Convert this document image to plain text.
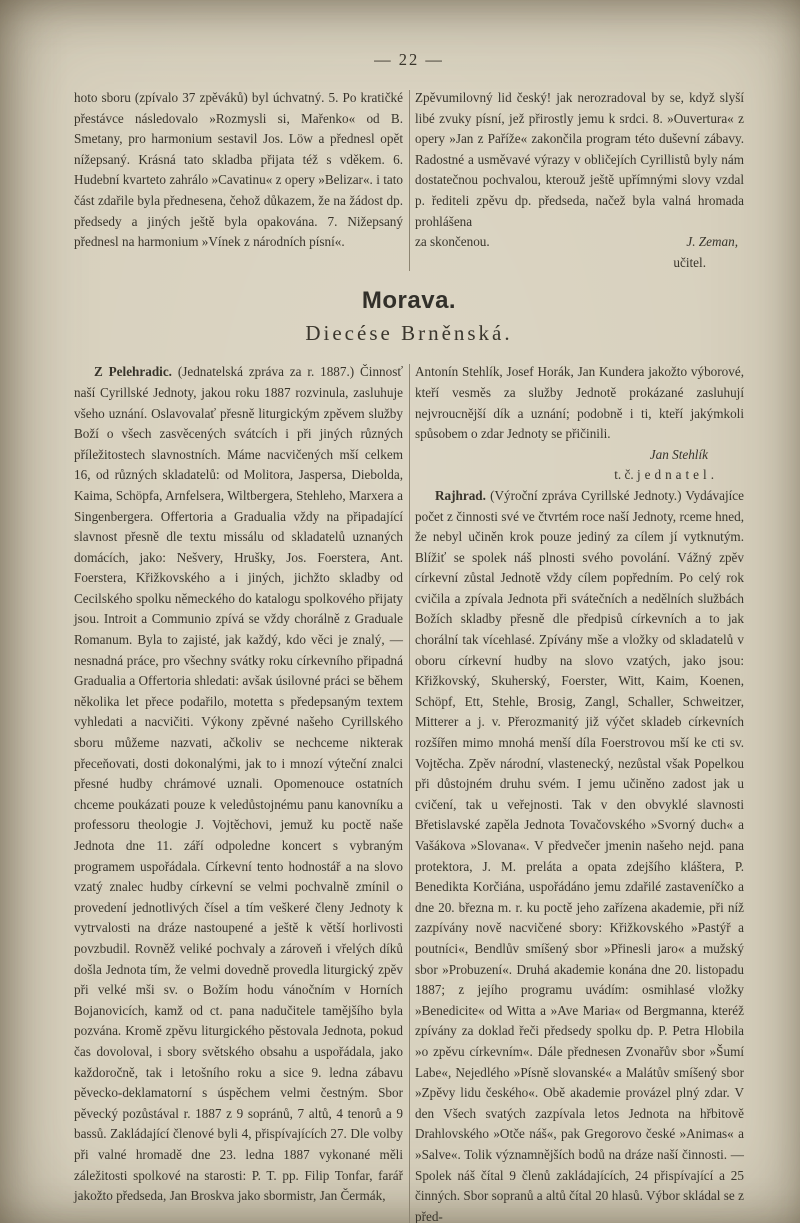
— 22 —

hoto sboru (zpívalo 37 zpěváků) byl úchvatný. 5. Po kratičké přestávce následovalo »Rozmysli si, Mařenko« od B. Smetany, pro harmonium sestavil Jos. Löw a přednesl opět nížepsaný. Krásná tato skladba přijata též s vděkem. 6. Hudební kvarteto zahrálo »Cavatinu« z opery »Belizar«. i tato část zdařile byla přednesena, čehož důkazem, že na žádost dp. předsedy a jiných ještě byla opakována. 7. Nižepsaný přednesl na harmonium »Vínek z národních písní«.

Zpěvumilovný lid český! jak nerozradoval by se, když slyší libé zvuky písní, jež přirostly jemu k srdci. 8. »Ouvertura« z opery »Jan z Paříže« zakončila program této duševní zábavy. Radostné a usměvavé výrazy v obličejích Cyrillistů byly nám dostatečnou pochvalou, kterouž ještě upřímnými slovy vzdal p. řediteli zpěvu dp. předseda, načež byla valná hromada prohlášena

za skončenou.	J. Zeman,
učitel.
Morava.
Diecése Brněnská.

Z Pelehradic. (Jednatelská zpráva za r. 1887.) Činnosť naší Cyrillské Jednoty, jakou roku 1887 rozvinula, zasluhuje všeho uznání. Oslavovalať přesně liturgickým zpěvem služby Boží o všech zasvěcených svátcích i při jiných různých příležitostech slavnostních. Máme nacvičených mší celkem 16, od různých skladatelů: od Molitora, Jaspersa, Diebolda, Kaima, Schöpfa, Arnfelsera, Wiltbergera, Stehleho, Marxera a Singenbergera. Offertoria a Gradualia vždy na připadající slavnost přesně dle textu missálu od skladatelů uznaných domácích, jako: Nešvery, Hrušky, Jos. Foerstera, Ant. Foerstera, Křižkovského a i jiných, jichžto skladby od Cecilského spolku německého do katalogu spolkového přijaty jsou. Introit a Communio zpívá se vždy chorálně z Graduale Romanum. Byla to zajisté, jak každý, kdo věci je znalý, — nesnadná práce, pro všechny svátky roku církevního připadná Gradualia a Offertoria shledati: avšak úsilovné práci se během několika let přece podařilo, motetta s předepsaným textem vyhledati a nacvičiti. Výkony zpěvné našeho Cyrillského sboru můžeme nazvati, ačkoliv se nechceme nikterak přeceňovati, dosti dokonalými, jak to i mnozí výteční znalci přesné hudby chrámové uznali. Opomenouce ostatních chceme poukázati pouze k veledůstojnému panu kanovníku a professoru theologie J. Vojtěchovi, jemuž ku poctě naše Jednota dne 11. září odpoledne koncert s vybraným programem uspořádala. Církevní tento hodnostář a na slovo vzatý znalec hudby církevní se velmi pochvalně zmínil o provedení jednotlivých čísel a tím veškeré členy Jednoty k vytrvalosti na dráze nastoupené a ještě k větší horlivosti povzbudil. Rovněž veliké pochvaly a zároveň i vřelých díků došla Jednota tím, že velmi dovedně provedla liturgický zpěv při velké mši sv. o Božím hodu vánočním v Horních Bojanovicích, kamž od ct. pana nadučitele tamějšího byla pozvána. Kromě zpěvu liturgického pěstovala Jednota, pokud čas dovoloval, i sbory světského obsahu a uspořádala, jako každoročně, tak i letošního roku a sice 9. ledna zábavu pěvecko-deklamatorní s úspěchem velmi čestným. Sbor pěvecký pozůstával r. 1887 z 9 sopránů, 7 altů, 4 tenorů a 9 bassů. Zakládající členové byli 4, přispívajících 27. Dle volby při valné hromadě dne 23. ledna 1887 vykonané měli záležitosti spolkové na starosti: P. T. pp. Filip Tonfar, farář jakožto předseda, Jan Broskva jako sbormistr, Jan Čermák,

Antonín Stehlík, Josef Horák, Jan Kundera jakožto výborové, kteří vesměs za služby Jednotě prokázané zasluhují nejvroucnější dík a uznání; podobně i ti, kteří jakýmkoli spůsobem o zdar Jednoty se přičinili.

Jan Stehlík
t. č. jednatel.

Rajhrad. (Výroční zpráva Cyrillské Jednoty.) Vydávajíce počet z činnosti své ve čtvrtém roce naší Jednoty, rceme hned, že nebyl učiněn krok pouze jediný za cílem jí vytknutým. Blížiť se spolek náš plnosti svého povolání. Vážný zpěv církevní zůstal Jednotě vždy cílem popředním. Po celý rok cvičila a zpívala Jednota při svátečních a nedělních službách Božích skladby přesně dle předpisů církevních a to jak chorální tak vícehlasé. Zpívány mše a vložky od skladatelů v oboru církevní hudby na slovo vzatých, jako jsou: Křižkovský, Skuherský, Foerster, Witt, Kaim, Koenen, Schöpf, Ett, Stehle, Brosig, Zangl, Schaller, Schweitzer, Mitterer a j. v. Přerozmanitý již výčet skladeb církevních rozšířen mimo mnohá menší díla Foerstrovou mší ke cti sv. Vojtěcha. Zpěv národní, vlastenecký, nezůstal však Popelkou při důstojném druhu svém. I jemu učiněno zadost jak u cvičení, tak u veřejnosti. Tak v den obvyklé slavnosti Břetislavské zapěla Jednota Tovačovského »Svorný duch« a Vašákova »Slovana«. V předvečer jmenin našeho nejd. pana protektora, J. M. preláta a opata zdejšího kláštera, P. Benedikta Korčiána, uspořádáno jemu zdařilé zastaveníčko a dne 20. března m. r. ku poctě jeho zařízena akademie, při níž zazpívány nově nacvičené sbory: Křižkovského »Pastýř a poutníci«, Bendlův smíšený sbor »Přinesli jaro« a mužský sbor »Probuzení«. Druhá akademie konána dne 20. listopadu 1887; z jejího programu uvádím: osmihlasé vložky »Benedicite« od Witta a »Ave Maria« od Bergmanna, kteréž zpívány za doklad řeči předsedy spolku dp. P. Petra Hlobila »o zpěvu církevním«. Dále přednesen Zvonařův sbor »Šumí Labe«, Nejedlého »Písně slovanské« a Malátův smíšený sbor »Zpěvy lidu českého«. Obě akademie provázel plný zdar. V den Všech svatých zazpívala letos Jednota na hřbitově Drahlovského »Otče náš«, pak Gregorovo české »Animas« a »Salve«. Tolik významnějších bodů na dráze naší činnosti. — Spolek náš čítal 9 členů zakládajících, 24 přispívající a 25 činných. Sbor sopranů a altů čítal 20 hlasů. Výbor skládal se z před-
